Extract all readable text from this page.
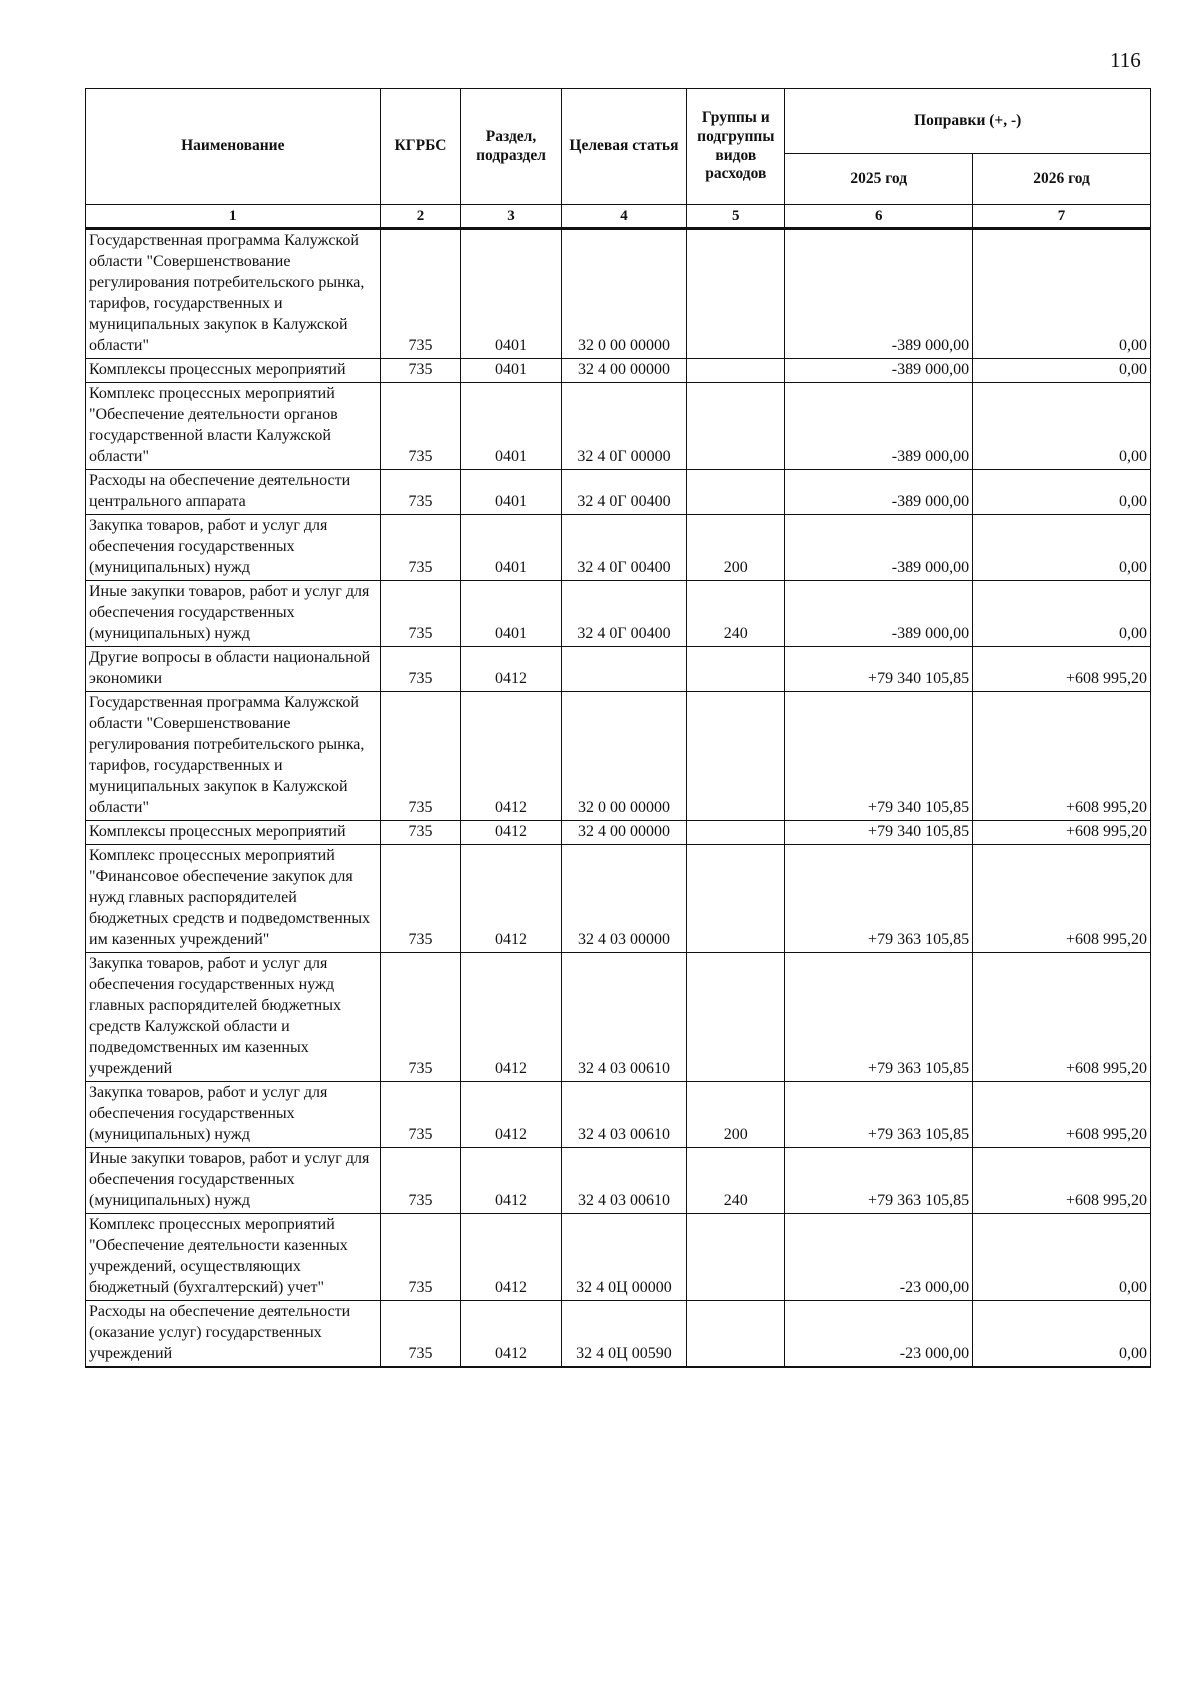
116
Наименование	КГРБС	Раздел, подраздел	Целевая статья	Группы и подгруппы видов расходов	Поправки (+, -)	
					2025 год	2026 год
1	2	3	4	5	6	7
Государственная программа Калужской области "Совершенствование регулирования потребительского рынка, тарифов, государственных и муниципальных закупок в Калужской области"	735	0401	32 0 00 00000		-389 000,00	0,00
Комплексы процессных мероприятий	735	0401	32 4 00 00000		-389 000,00	0,00
Комплекс процессных мероприятий "Обеспечение деятельности органов государственной власти Калужской области"	735	0401	32 4 0Г 00000		-389 000,00	0,00
Расходы на обеспечение деятельности центрального аппарата	735	0401	32 4 0Г 00400		-389 000,00	0,00
Закупка товаров, работ и услуг для обеспечения государственных (муниципальных) нужд	735	0401	32 4 0Г 00400	200	-389 000,00	0,00
Иные закупки товаров, работ и услуг для обеспечения государственных (муниципальных) нужд	735	0401	32 4 0Г 00400	240	-389 000,00	0,00
Другие вопросы в области национальной экономики	735	0412			+79 340 105,85	+608 995,20
Государственная программа Калужской области "Совершенствование регулирования потребительского рынка, тарифов, государственных и муниципальных закупок в Калужской области"	735	0412	32 0 00 00000		+79 340 105,85	+608 995,20
Комплексы процессных мероприятий	735	0412	32 4 00 00000		+79 340 105,85	+608 995,20
Комплекс процессных мероприятий "Финансовое обеспечение закупок для нужд главных распорядителей бюджетных средств и подведомственных им казенных учреждений"	735	0412	32 4 03 00000		+79 363 105,85	+608 995,20
Закупка товаров, работ и услуг для обеспечения государственных нужд главных распорядителей бюджетных средств Калужской области и подведомственных им казенных учреждений	735	0412	32 4 03 00610		+79 363 105,85	+608 995,20
Закупка товаров, работ и услуг для обеспечения государственных (муниципальных) нужд	735	0412	32 4 03 00610	200	+79 363 105,85	+608 995,20
Иные закупки товаров, работ и услуг для обеспечения государственных (муниципальных) нужд	735	0412	32 4 03 00610	240	+79 363 105,85	+608 995,20
Комплекс процессных мероприятий "Обеспечение деятельности казенных учреждений, осуществляющих бюджетный (бухгалтерский) учет"	735	0412	32 4 0Ц 00000		-23 000,00	0,00
Расходы на обеспечение деятельности (оказание услуг) государственных учреждений	735	0412	32 4 0Ц 00590		-23 000,00	0,00
